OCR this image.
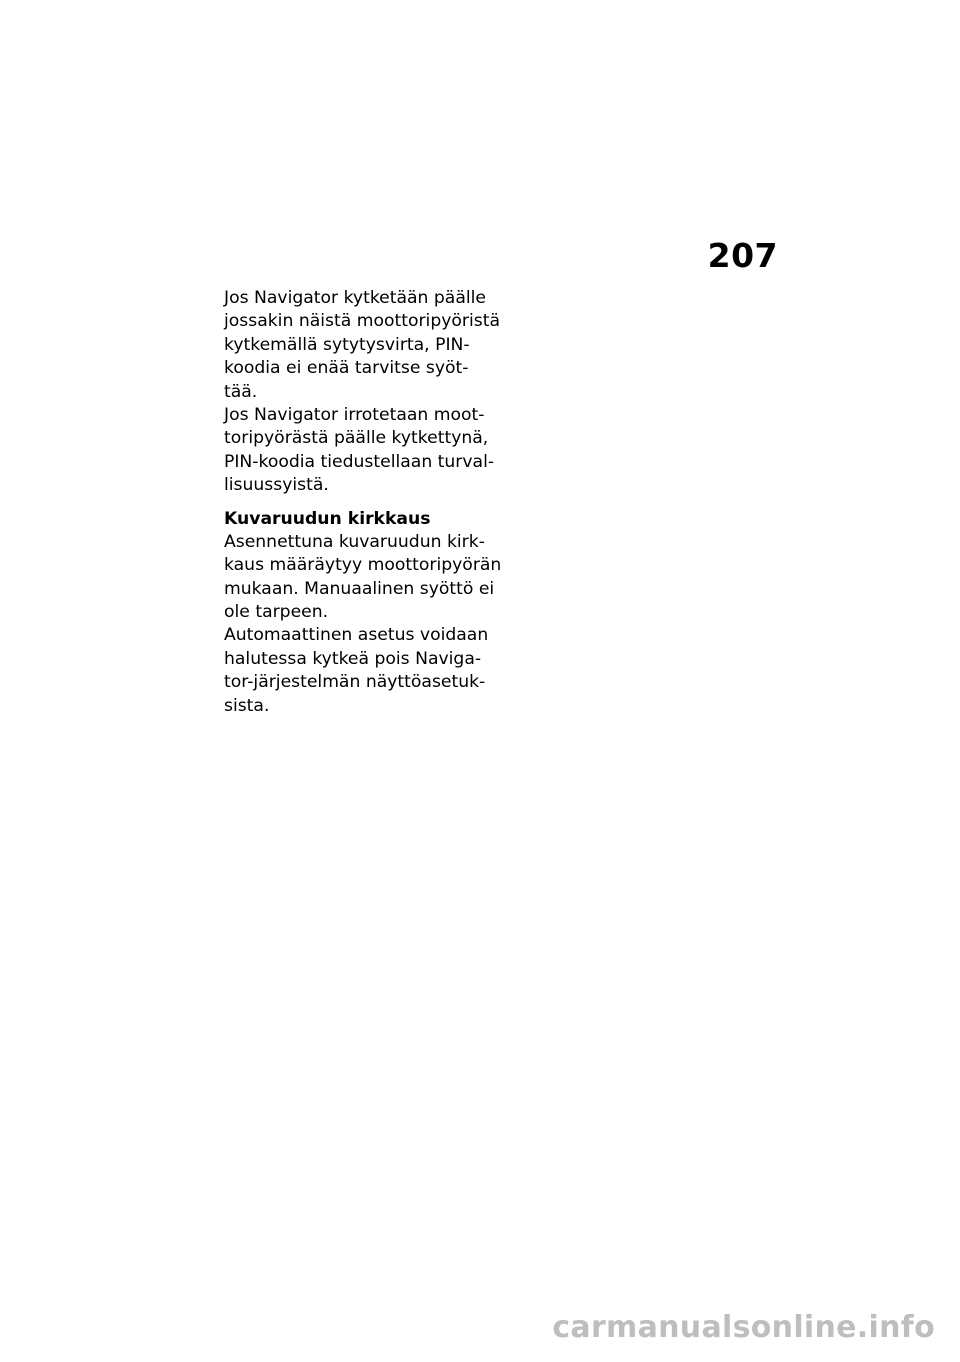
207
Jos Navigator kytketään päälle
jossakin näistä moottoripyöristä
kytkemällä sytytysvirta, PIN-
koodia ei enää tarvitse syöt-
tää.
Jos Navigator irrotetaan moot-
toripyörästä päälle kytkettynä,
PIN-koodia tiedustellaan turval-
lisuussyistä.
Kuvaruudun kirkkaus
Asennettuna kuvaruudun kirk-
kaus määräytyy moottoripyörän
mukaan. Manuaalinen syöttö ei
ole tarpeen.
Automaattinen asetus voidaan
halutessa kytkeä pois Naviga-
tor-järjestelmän näyttöasetuk-
sista.
carmanualsonline.info
